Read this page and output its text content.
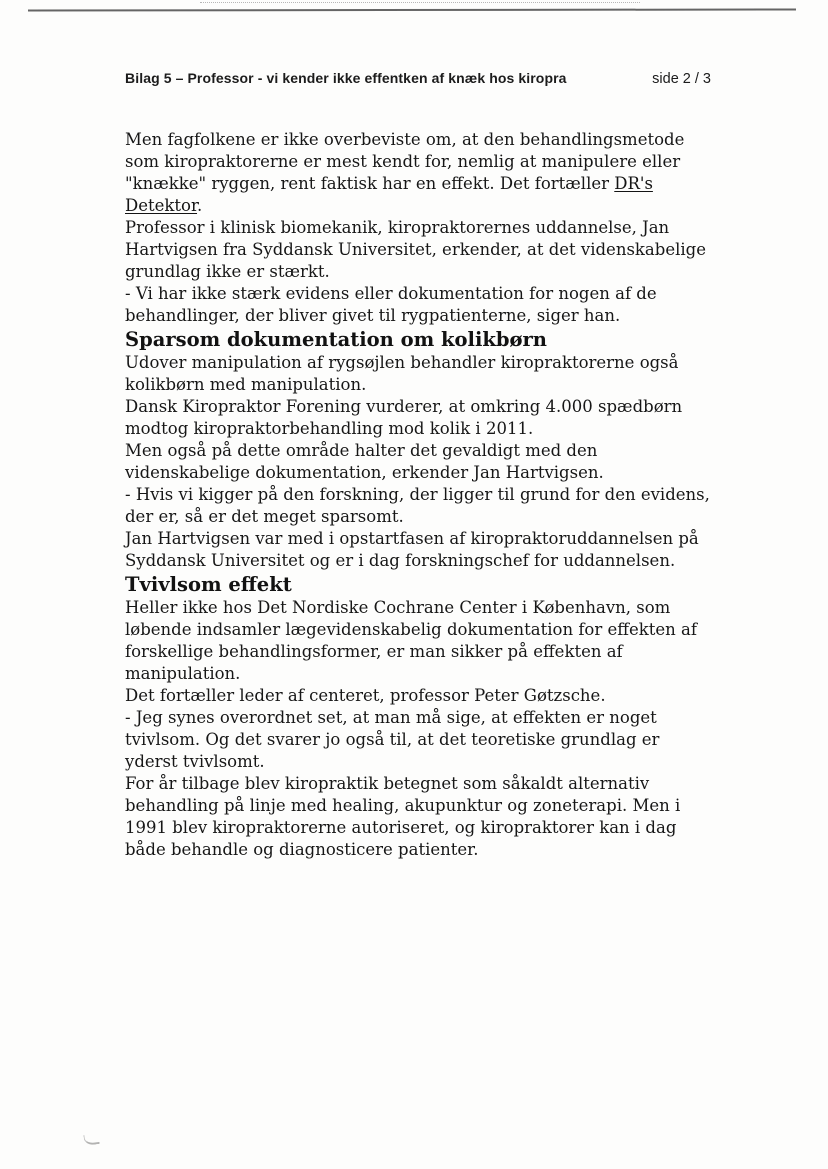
Bilag 5 – Professor - vi kender ikke effentken af knæk hos kiropra	side 2 / 3

Men fagfolkene er ikke overbeviste om, at den behandlingsmetode som kiropraktorerne er mest kendt for, nemlig at manipulere eller "knække" ryggen, rent faktisk har en effekt. Det fortæller DR's Detektor.

Professor i klinisk biomekanik, kiropraktorernes uddannelse, Jan Hartvigsen fra Syddansk Universitet, erkender, at det videnskabelige grundlag ikke er stærkt.

- Vi har ikke stærk evidens eller dokumentation for nogen af de behandlinger, der bliver givet til rygpatienterne, siger han.

Sparsom dokumentation om kolikbørn

Udover manipulation af rygsøjlen behandler kiropraktorerne også kolikbørn med manipulation.

Dansk Kiropraktor Forening vurderer, at omkring 4.000 spædbørn modtog kiropraktorbehandling mod kolik i 2011.

Men også på dette område halter det gevaldigt med den videnskabelige dokumentation, erkender Jan Hartvigsen.

- Hvis vi kigger på den forskning, der ligger til grund for den evidens, der er, så er det meget sparsomt.

Jan Hartvigsen var med i opstartfasen af kiropraktoruddannelsen på Syddansk Universitet og er i dag forskningschef for uddannelsen.

Tvivlsom effekt

Heller ikke hos Det Nordiske Cochrane Center i København, som løbende indsamler lægevidenskabelig dokumentation for effekten af forskellige behandlingsformer, er man sikker på effekten af manipulation.

Det fortæller leder af centeret, professor Peter Gøtzsche.

- Jeg synes overordnet set, at man må sige, at effekten er noget tvivlsom. Og det svarer jo også til, at det teoretiske grundlag er yderst tvivlsomt.

For år tilbage blev kiropraktik betegnet som såkaldt alternativ behandling på linje med healing, akupunktur og zoneterapi. Men i 1991 blev kiropraktorerne autoriseret, og kiropraktorer kan i dag både behandle og diagnosticere patienter.
